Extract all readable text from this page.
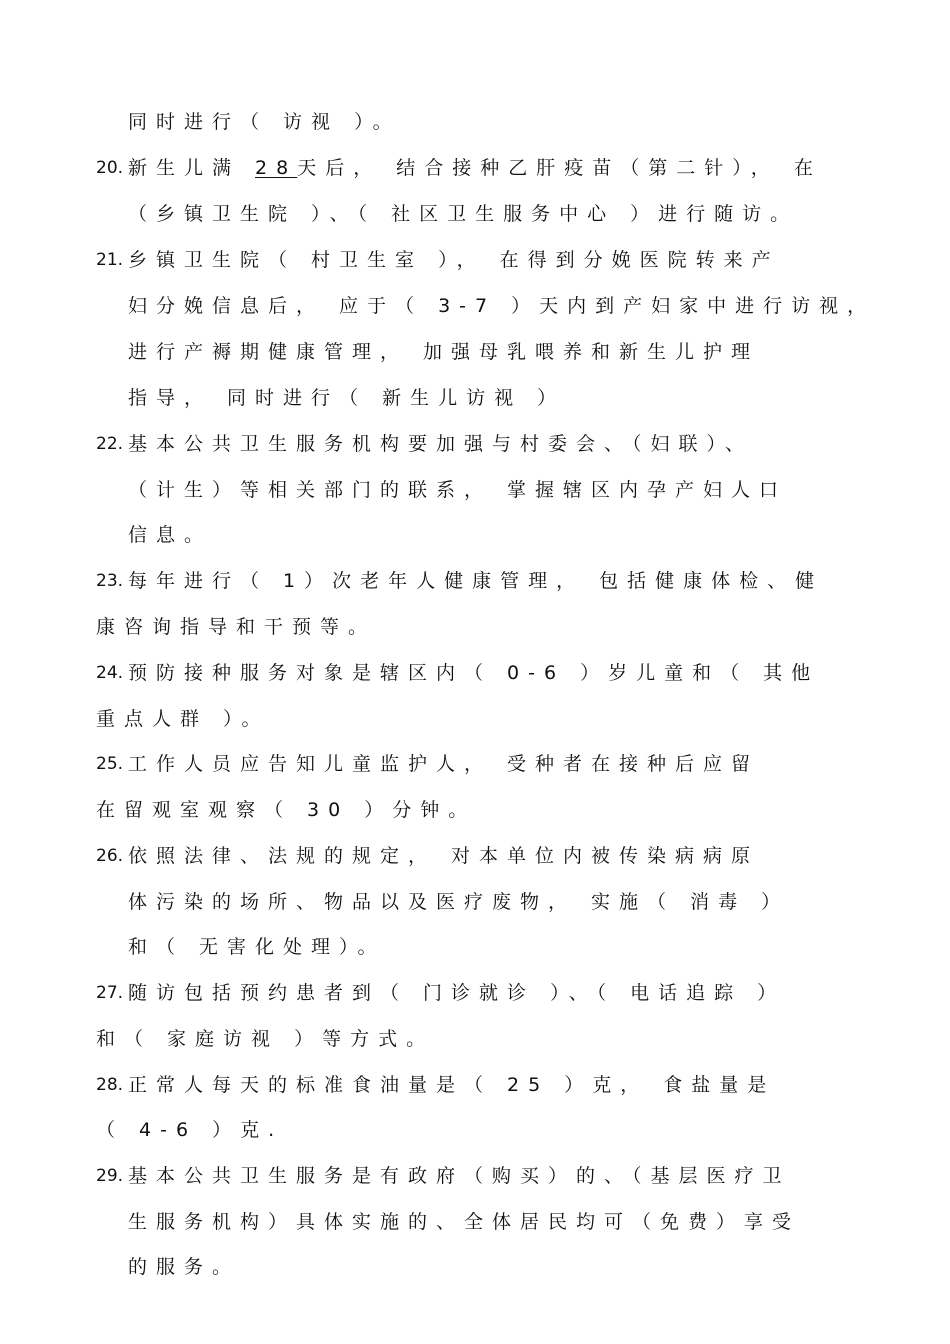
同时进行（ 访视 ）。

20.

新生儿满 28天后， 结合接种乙肝疫苗（第二针）， 在

（乡镇卫生院 ）、（ 社区卫生服务中心 ）进行随访。

21.

乡镇卫生院（ 村卫生室 ）， 在得到分娩医院转来产

妇分娩信息后， 应于（ 3-7 ）天内到产妇家中进行访视，

进行产褥期健康管理， 加强母乳喂养和新生儿护理

指导， 同时进行（ 新生儿访视 ）

22.

基本公共卫生服务机构要加强与村委会、（妇联）、

（计生）等相关部门的联系， 掌握辖区内孕产妇人口

信息。

23.

每年进行（ 1）次老年人健康管理， 包括健康体检、健

康咨询指导和干预等。

24.

预防接种服务对象是辖区内（ 0-6 ）岁儿童和（ 其他

重点人群 ）。

25.

工作人员应告知儿童监护人， 受种者在接种后应留

在留观室观察（ 30 ）分钟。

26.

依照法律、法规的规定， 对本单位内被传染病病原

体污染的场所、物品以及医疗废物， 实施（ 消毒 ）

和（ 无害化处理）。

27.

随访包括预约患者到（ 门诊就诊 ）、（ 电话追踪 ）

和（ 家庭访视 ）等方式。

28.

正常人每天的标准食油量是（ 25 ）克， 食盐量是

（ 4-6 ）克.

29.

基本公共卫生服务是有政府（购买）的、（基层医疗卫

生服务机构）具体实施的、全体居民均可（免费）享受

的服务。
